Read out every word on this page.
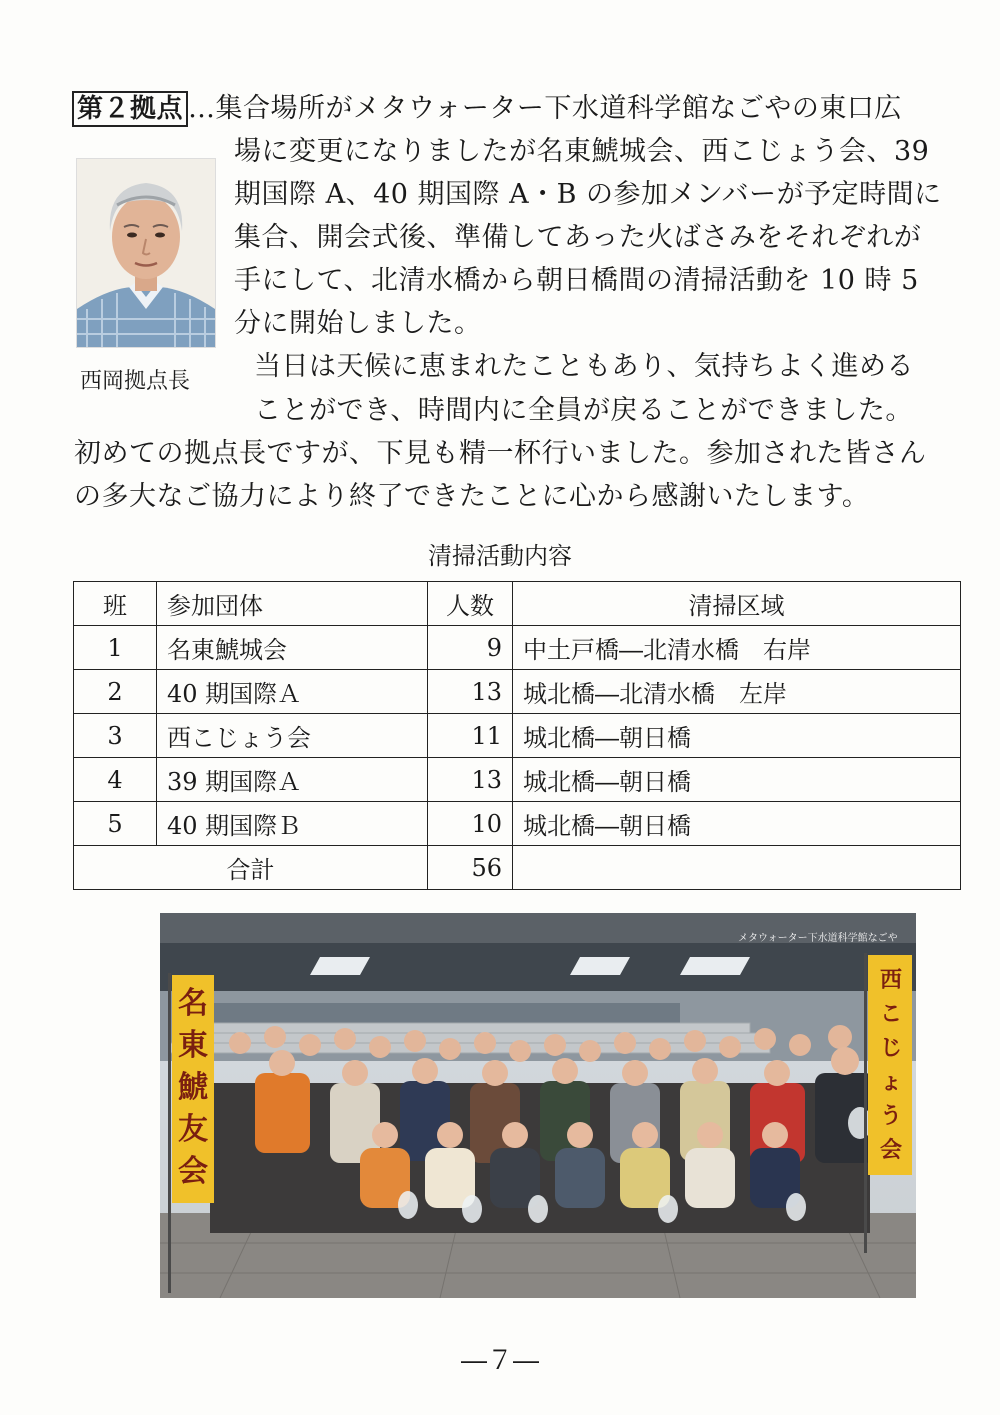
第２拠点 …集合場所がメタウォーター下水道科学館なごやの東口広
場に変更になりましたが名東鯱城会、西こじょう会、39
期国際 A、40 期国際 A・B の参加メンバーが予定時間に
集合、開会式後、準備してあった火ばさみをそれぞれが
手にして、北清水橋から朝日橋間の清掃活動を 10 時 5
分に開始しました。
当日は天候に恵まれたこともあり、気持ちよく進める
ことができ、時間内に全員が戻ることができました。
初めての拠点長ですが、下見も精一杯行いました。参加された皆さん
の多大なご協力により終了できたことに心から感謝いたします。
西岡拠点長
清掃活動内容
班	参加団体	人数	清掃区域
1	名東鯱城会	9	中土戸橋―北清水橋　右岸
2	40 期国際Ａ	13	城北橋―北清水橋　左岸
3	西こじょう会	11	城北橋―朝日橋
4	39 期国際Ａ	13	城北橋―朝日橋
5	40 期国際Ｂ	10	城北橋―朝日橋
合計		56	
メタウォーター下水道科学館なごや
名東鯱友会
西こじょう会
―７―
